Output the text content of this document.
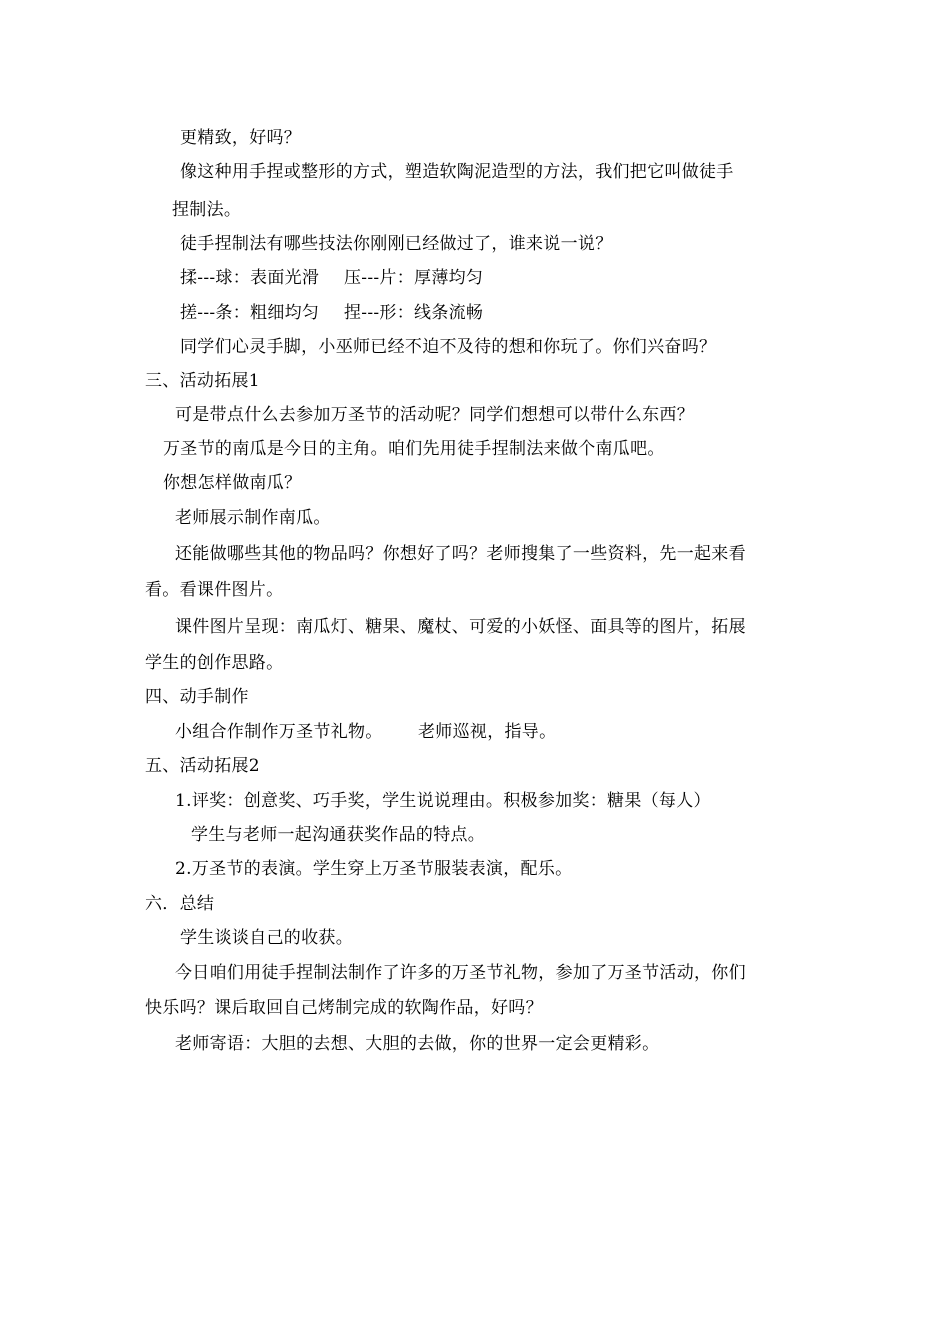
更精致，好吗？
像这种用手捏或整形的方式，塑造软陶泥造型的方法，我们把它叫做徒手
捏制法。
徒手捏制法有哪些技法你刚刚已经做过了，谁来说一说？
揉---球：表面光滑 压---片：厚薄均匀
搓---条：粗细均匀 捏---形：线条流畅
同学们心灵手脚，小巫师已经不迫不及待的想和你玩了。你们兴奋吗？
三、活动拓展1
可是带点什么去参加万圣节的活动呢？同学们想想可以带什么东西？
万圣节的南瓜是今日的主角。咱们先用徒手捏制法来做个南瓜吧。
你想怎样做南瓜？
老师展示制作南瓜。
还能做哪些其他的物品吗？你想好了吗？老师搜集了一些资料，先一起来看
看。看课件图片。
课件图片呈现：南瓜灯、糖果、魔杖、可爱的小妖怪、面具等的图片，拓展
学生的创作思路。
四、动手制作
小组合作制作万圣节礼物。 老师巡视，指导。
五、活动拓展2
1.评奖：创意奖、巧手奖，学生说说理由。积极参加奖：糖果（每人）
学生与老师一起沟通获奖作品的特点。
2.万圣节的表演。学生穿上万圣节服装表演，配乐。
六．总结
学生谈谈自己的收获。
今日咱们用徒手捏制法制作了许多的万圣节礼物，参加了万圣节活动，你们
快乐吗？课后取回自己烤制完成的软陶作品，好吗？
老师寄语：大胆的去想、大胆的去做，你的世界一定会更精彩。
